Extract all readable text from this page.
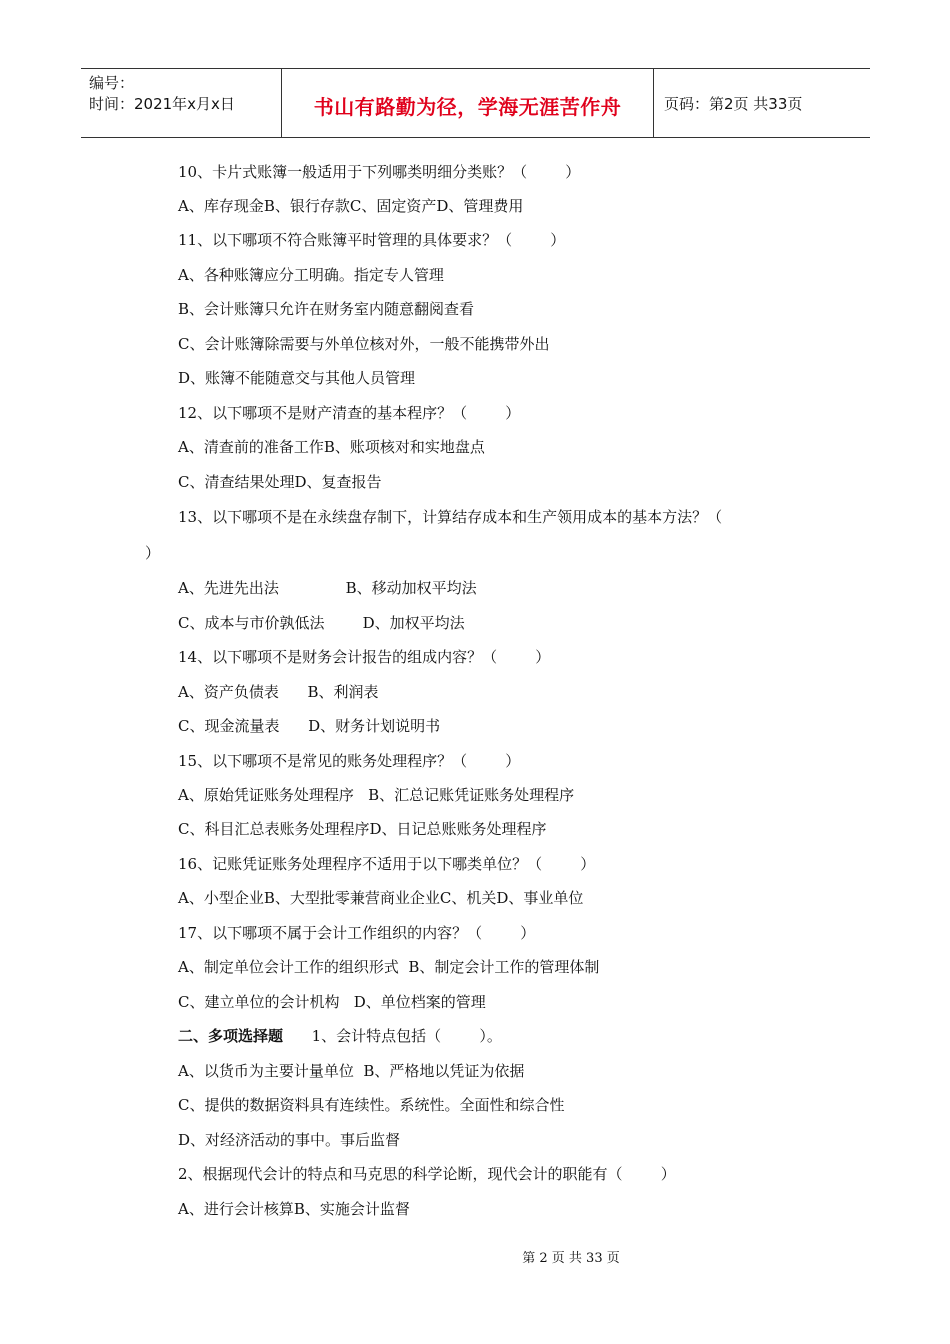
编号：
时间：2021年x月x日	书山有路勤为径，学海无涯苦作舟	页码：第2页 共33页
10、卡片式账簿一般适用于下列哪类明细分类账？（        ）
A、库存现金B、银行存款C、固定资产D、管理费用
11、以下哪项不符合账簿平时管理的具体要求？（        ）
A、各种账簿应分工明确。指定专人管理
B、会计账簿只允许在财务室内随意翻阅查看
C、会计账簿除需要与外单位核对外，一般不能携带外出
D、账簿不能随意交与其他人员管理
12、以下哪项不是财产清查的基本程序？（        ）
A、清查前的准备工作B、账项核对和实地盘点
C、清查结果处理D、复查报告
13、以下哪项不是在永续盘存制下，计算结存成本和生产领用成本的基本方法？（
）
A、先进先出法              B、移动加权平均法
C、成本与市价孰低法        D、加权平均法
14、以下哪项不是财务会计报告的组成内容？（        ）
A、资产负债表      B、利润表
C、现金流量表      D、财务计划说明书
15、以下哪项不是常见的账务处理程序？（        ）
A、原始凭证账务处理程序   B、汇总记账凭证账务处理程序
C、科目汇总表账务处理程序D、日记总账账务处理程序
16、记账凭证账务处理程序不适用于以下哪类单位？（        ）
A、小型企业B、大型批零兼营商业企业C、机关D、事业单位
17、以下哪项不属于会计工作组织的内容？（        ）
A、制定单位会计工作的组织形式  B、制定会计工作的管理体制
C、建立单位的会计机构   D、单位档案的管理
二、多项选择题      1、会计特点包括（        ）。
A、以货币为主要计量单位  B、严格地以凭证为依据
C、提供的数据资料具有连续性。系统性。全面性和综合性
D、对经济活动的事中。事后监督
2、根据现代会计的特点和马克思的科学论断，现代会计的职能有（        ）
A、进行会计核算B、实施会计监督
第 2 页 共 33 页
